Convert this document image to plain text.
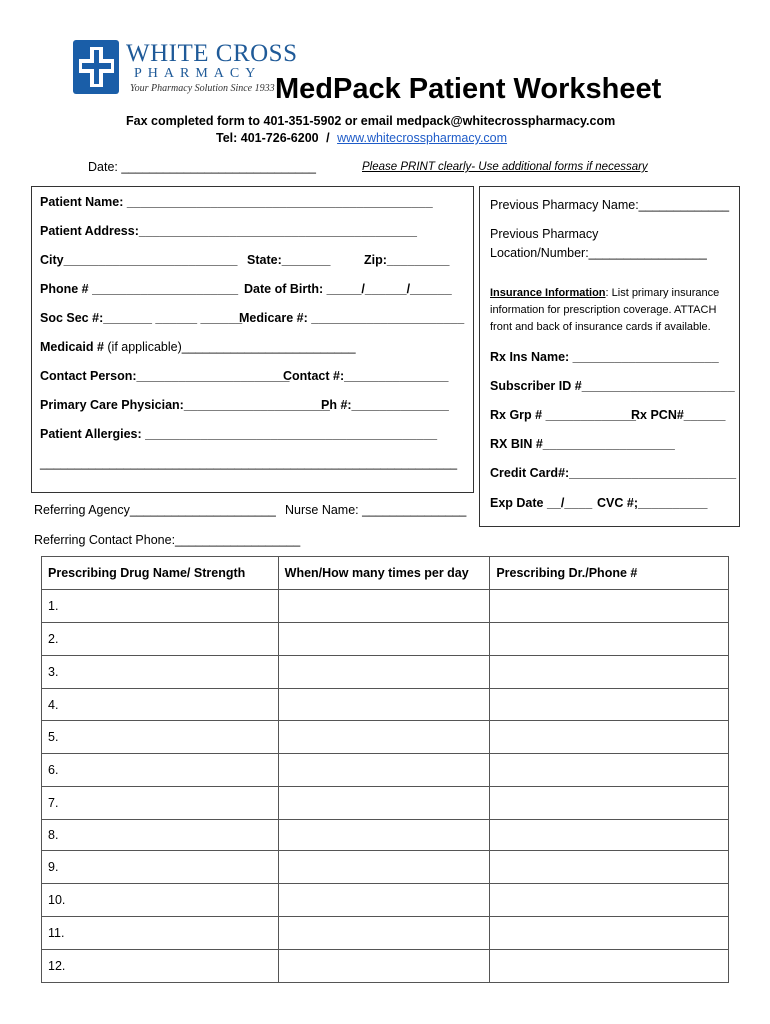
WHITE CROSS
PHARMACY
Your Pharmacy Solution Since 1933 MedPack Patient Worksheet
Fax completed form to 401-351-5902 or email medpack@whitecrosspharmacy.com
Tel: 401-726-6200 / www.whitecrosspharmacy.com
Date: ____________________________	Please PRINT clearly- Use additional forms if necessary
Patient Name: ____________________________________________
Patient Address:________________________________________
City_________________________ State:_______	Zip:_________
Phone # _____________________ Date of Birth: _____/______/______
Soc Sec #:_______ ______ ______
Medicare #: ______________________
Medicaid # (if applicable)_________________________
Contact Person:______________________
Contact #:_______________
Primary Care Physician:_____________________
Ph #:______________
Patient Allergies: __________________________________________
____________________________________________________________
Previous Pharmacy Name:_____________
Previous Pharmacy
Location/Number:_________________
Insurance Information: List primary insurance
information for prescription coverage. ATTACH
front and back of insurance cards if available.
Rx Ins Name: _____________________
Subscriber ID #______________________
Rx Grp # _____________
Rx PCN#______
RX BIN #___________________
Credit Card#:________________________
Exp Date __/____ CVC #;__________
Referring Agency_____________________ Nurse Name: _______________
Referring Contact Phone:__________________
Prescribing Drug Name/ Strength	When/How many times per day	Prescribing Dr./Phone #
1.		
2.		
3.		
4.		
5.		
6.		
7.		
8.		
9.		
10.		
11.		
12.		
